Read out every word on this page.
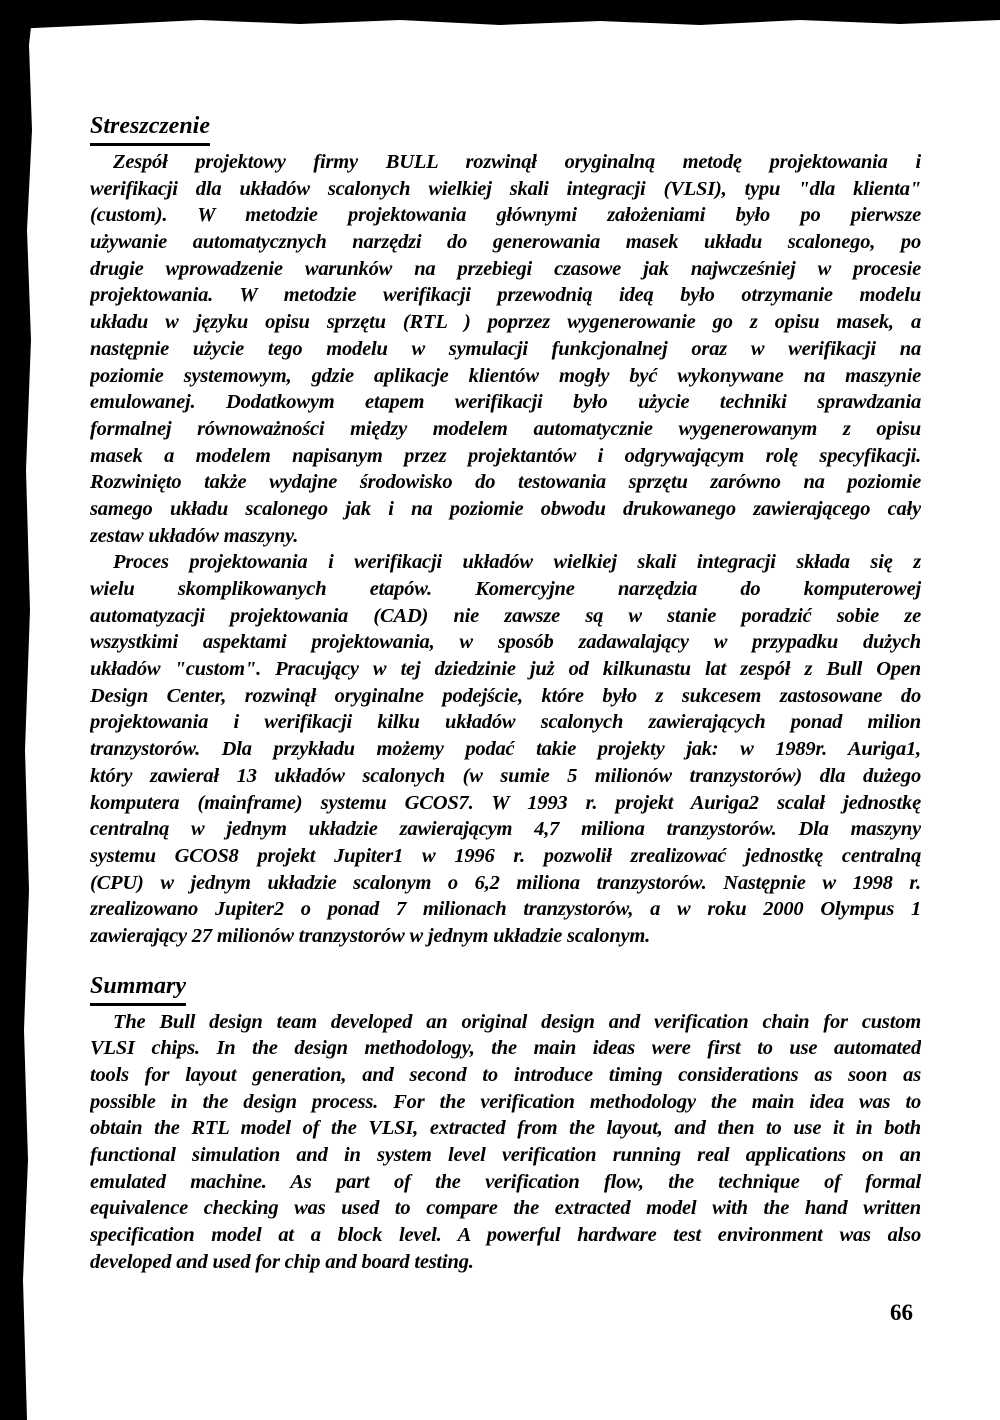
Streszczenie
Zespół projektowy firmy BULL rozwinął oryginalną metodę projektowania i
werifikacji dla układów scalonych wielkiej skali integracji (VLSI), typu "dla klienta"
(custom). W metodzie projektowania głównymi założeniami było po pierwsze
używanie automatycznych narzędzi do generowania masek układu scalonego, po
drugie wprowadzenie warunków na przebiegi czasowe jak najwcześniej w procesie
projektowania. W metodzie werifikacji przewodnią ideą było otrzymanie modelu
układu w języku opisu sprzętu (RTL ) poprzez wygenerowanie go z opisu masek, a
następnie użycie tego modelu w symulacji funkcjonalnej oraz w werifikacji na
poziomie systemowym, gdzie aplikacje klientów mogły być wykonywane na maszynie
emulowanej. Dodatkowym etapem werifikacji było użycie techniki sprawdzania
formalnej równoważności między modelem automatycznie wygenerowanym z opisu
masek a modelem napisanym przez projektantów i odgrywającym rolę specyfikacji.
Rozwinięto także wydajne środowisko do testowania sprzętu zarówno na poziomie
samego układu scalonego jak i na poziomie obwodu drukowanego zawierającego cały
zestaw układów maszyny.
Proces projektowania i werifikacji układów wielkiej skali integracji składa się z
wielu skomplikowanych etapów. Komercyjne narzędzia do komputerowej
automatyzacji projektowania (CAD) nie zawsze są w stanie poradzić sobie ze
wszystkimi aspektami projektowania, w sposób zadawalający w przypadku dużych
układów "custom". Pracujący w tej dziedzinie już od kilkunastu lat zespół z Bull Open
Design Center, rozwinął oryginalne podejście, które było z sukcesem zastosowane do
projektowania i werifikacji kilku układów scalonych zawierających ponad milion
tranzystorów. Dla przykładu możemy podać takie projekty jak: w 1989r. Auriga1,
który zawierał 13 układów scalonych (w sumie 5 milionów tranzystorów) dla dużego
komputera (mainframe) systemu GCOS7. W 1993 r. projekt Auriga2 scalał jednostkę
centralną w jednym układzie zawierającym 4,7 miliona tranzystorów. Dla maszyny
systemu GCOS8 projekt Jupiter1 w 1996 r. pozwolił zrealizować jednostkę centralną
(CPU) w jednym układzie scalonym o 6,2 miliona tranzystorów. Następnie w 1998 r.
zrealizowano Jupiter2 o ponad 7 milionach tranzystorów, a w roku 2000 Olympus 1
zawierający 27 milionów tranzystorów w jednym układzie scalonym.
Summary
The Bull design team developed an original design and verification chain for custom
VLSI chips. In the design methodology, the main ideas were first to use automated
tools for layout generation, and second to introduce timing considerations as soon as
possible in the design process. For the verification methodology the main idea was to
obtain the RTL model of the VLSI, extracted from the layout, and then to use it in both
functional simulation and in system level verification running real applications on an
emulated machine. As part of the verification flow, the technique of formal
equivalence checking was used to compare the extracted model with the hand written
specification model at a block level. A powerful hardware test environment was also
developed and used for chip and board testing.
66
